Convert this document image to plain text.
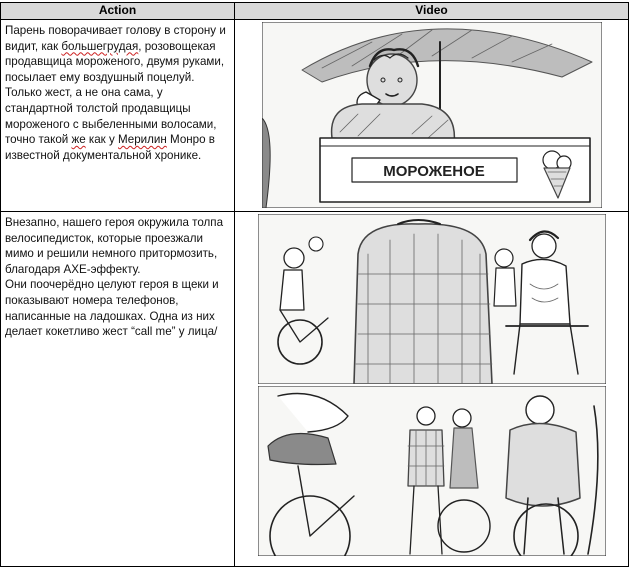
Action	Video

Парень поворачивает голову в сторону и видит, как большегрудая, розовощекая продавщица мороженого, двумя руками, посылает ему воздушный поцелуй. Только жест, а не она сама, у стандартной толстой продавщицы мороженого с выбеленными волосами, точно такой же как у Мерилин Монро в известной документальной хронике.	МОРОЖЕНОЕ

Внезапно, нашего героя окружила толпа велосипедисток, которые проезжали мимо и решили немного притормозить, благодаря AXE-эффекту.

Они поочерёдно целуют героя в щеки и показывают номера телефонов, написанные на ладошках. Одна из них делает кокетливо жест “call me” у лица/
